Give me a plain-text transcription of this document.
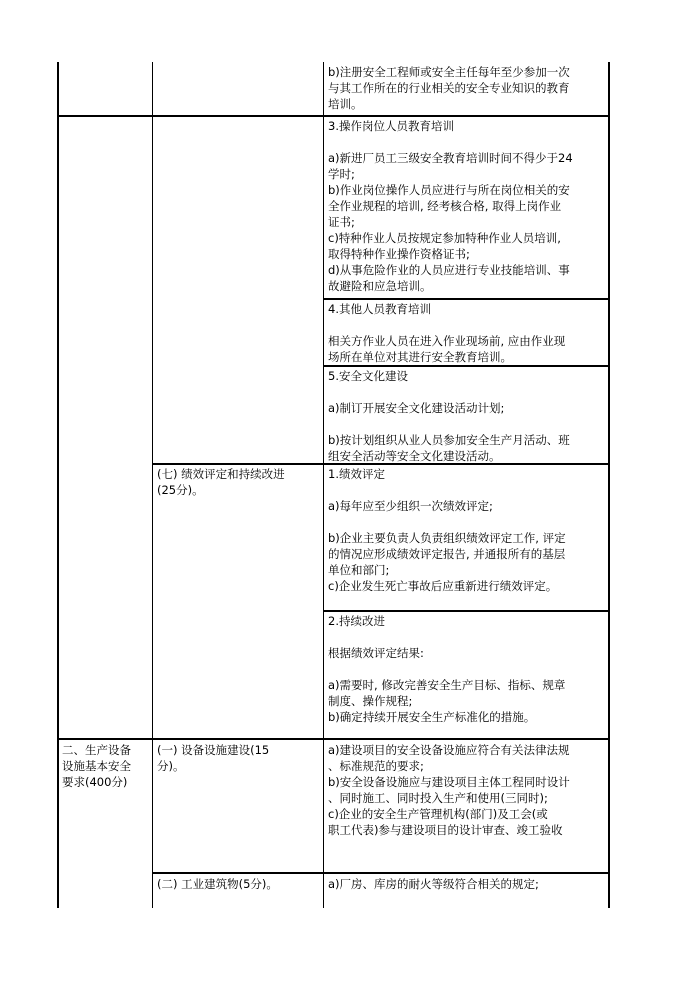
b)注册安全工程师或安全主任每年至少参加一次

与其工作所在的行业相关的安全专业知识的教育

培训。

3.操作岗位人员教育培训

a)新进厂员工三级安全教育培训时间不得少于24

学时;

b)作业岗位操作人员应进行与所在岗位相关的安

全作业规程的培训, 经考核合格, 取得上岗作业

证书;

c)特种作业人员按规定参加特种作业人员培训,

取得特种作业操作资格证书;

d)从事危险作业的人员应进行专业技能培训、事

故避险和应急培训。

4.其他人员教育培训

相关方作业人员在进入作业现场前, 应由作业现

场所在单位对其进行安全教育培训。

5.安全文化建设

a)制订开展安全文化建设活动计划;

b)按计划组织从业人员参加安全生产月活动、班

组安全活动等安全文化建设活动。

(七) 绩效评定和持续改进

(25分)。

1.绩效评定

a)每年应至少组织一次绩效评定;

b)企业主要负责人负责组织绩效评定工作, 评定

的情况应形成绩效评定报告, 并通报所有的基层

单位和部门;

c)企业发生死亡事故后应重新进行绩效评定。

2.持续改进

根据绩效评定结果:

a)需要时, 修改完善安全生产目标、指标、规章

制度、操作规程;

b)确定持续开展安全生产标准化的措施。

二、生产设备

设施基本安全

要求(400分)

(一) 设备设施建设(15

分)。

a)建设项目的安全设备设施应符合有关法律法规

、标准规范的要求;

b)安全设备设施应与建设项目主体工程同时设计

、同时施工、同时投入生产和使用(三同时);

c)企业的安全生产管理机构(部门)及工会(或

职工代表)参与建设项目的设计审查、竣工验收

(二) 工业建筑物(5分)。	a)厂房、库房的耐火等级符合相关的规定;
